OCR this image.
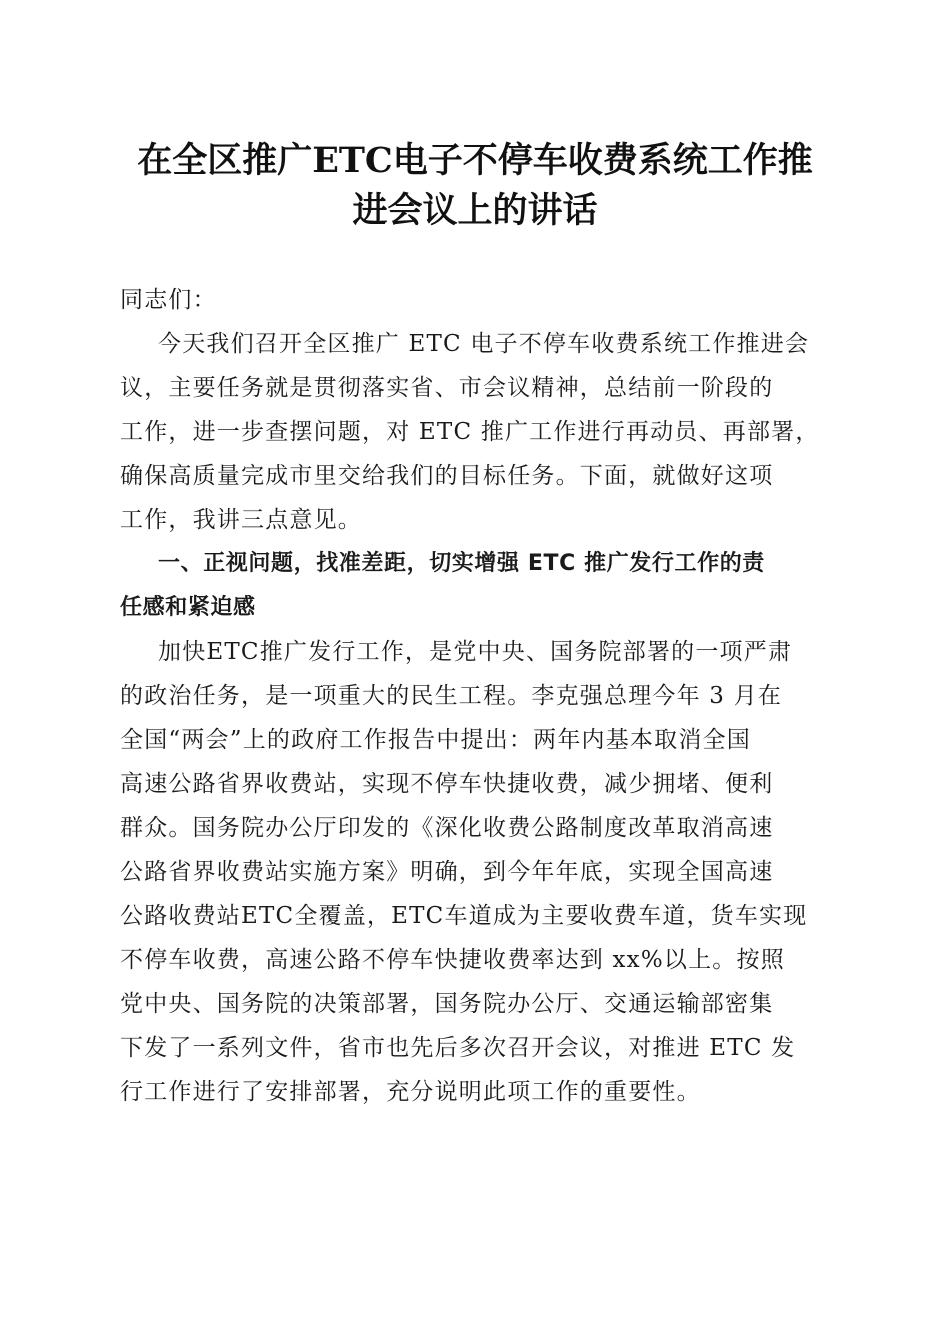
在全区推广ETC电子不停车收费系统工作推
进会议上的讲话
同志们：
今天我们召开全区推广 ETC 电子不停车收费系统工作推进会
议，主要任务就是贯彻落实省、市会议精神，总结前一阶段的
工作，进一步查摆问题，对 ETC 推广工作进行再动员、再部署，
确保高质量完成市里交给我们的目标任务。下面，就做好这项
工作，我讲三点意见。
一、正视问题，找准差距，切实增强 ETC 推广发行工作的责
任感和紧迫感
加快ETC推广发行工作，是党中央、国务院部署的一项严肃
的政治任务，是一项重大的民生工程。李克强总理今年 3 月在
全国“两会”上的政府工作报告中提出：两年内基本取消全国
高速公路省界收费站，实现不停车快捷收费，减少拥堵、便利
群众。国务院办公厅印发的《深化收费公路制度改革取消高速
公路省界收费站实施方案》明确，到今年年底，实现全国高速
公路收费站ETC全覆盖，ETC车道成为主要收费车道，货车实现
不停车收费，高速公路不停车快捷收费率达到 xx%以上。按照
党中央、国务院的决策部署，国务院办公厅、交通运输部密集
下发了一系列文件，省市也先后多次召开会议，对推进 ETC 发
行工作进行了安排部署，充分说明此项工作的重要性。
